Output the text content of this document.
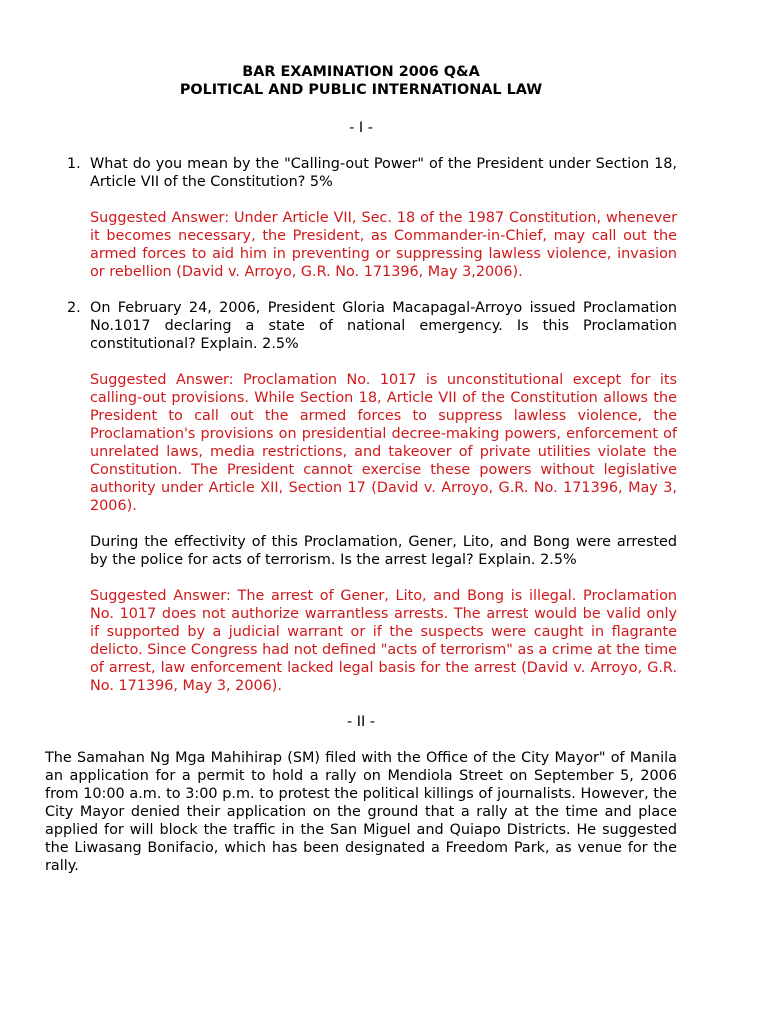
BAR EXAMINATION 2006 Q&A
POLITICAL AND PUBLIC INTERNATIONAL LAW

- I -

1. What do you mean by the "Calling-out Power" of the President under Section 18, Article VII of the Constitution? 5%

Suggested Answer: Under Article VII, Sec. 18 of the 1987 Constitution, whenever it becomes necessary, the President, as Commander-in-Chief, may call out the armed forces to aid him in preventing or suppressing lawless violence, invasion or rebellion (David v. Arroyo, G.R. No. 171396, May 3,2006).

2. On February 24, 2006, President Gloria Macapagal-Arroyo issued Proclamation No.1017 declaring a state of national emergency. Is this Proclamation constitutional? Explain. 2.5%

Suggested Answer: Proclamation No. 1017 is unconstitutional except for its calling-out provisions. While Section 18, Article VII of the Constitution allows the President to call out the armed forces to suppress lawless violence, the Proclamation's provisions on presidential decree-making powers, enforcement of unrelated laws, media restrictions, and takeover of private utilities violate the Constitution. The President cannot exercise these powers without legislative authority under Article XII, Section 17 (David v. Arroyo, G.R. No. 171396, May 3, 2006).

During the effectivity of this Proclamation, Gener, Lito, and Bong were arrested by the police for acts of terrorism. Is the arrest legal? Explain. 2.5%

Suggested Answer: The arrest of Gener, Lito, and Bong is illegal. Proclamation No. 1017 does not authorize warrantless arrests. The arrest would be valid only if supported by a judicial warrant or if the suspects were caught in flagrante delicto. Since Congress had not defined "acts of terrorism" as a crime at the time of arrest, law enforcement lacked legal basis for the arrest (David v. Arroyo, G.R. No. 171396, May 3, 2006).

- II -

The Samahan Ng Mga Mahihirap (SM) filed with the Office of the City Mayor" of Manila an application for a permit to hold a rally on Mendiola Street on September 5, 2006 from 10:00 a.m. to 3:00 p.m. to protest the political killings of journalists. However, the City Mayor denied their application on the ground that a rally at the time and place applied for will block the traffic in the San Miguel and Quiapo Districts. He suggested the Liwasang Bonifacio, which has been designated a Freedom Park, as venue for the rally.
